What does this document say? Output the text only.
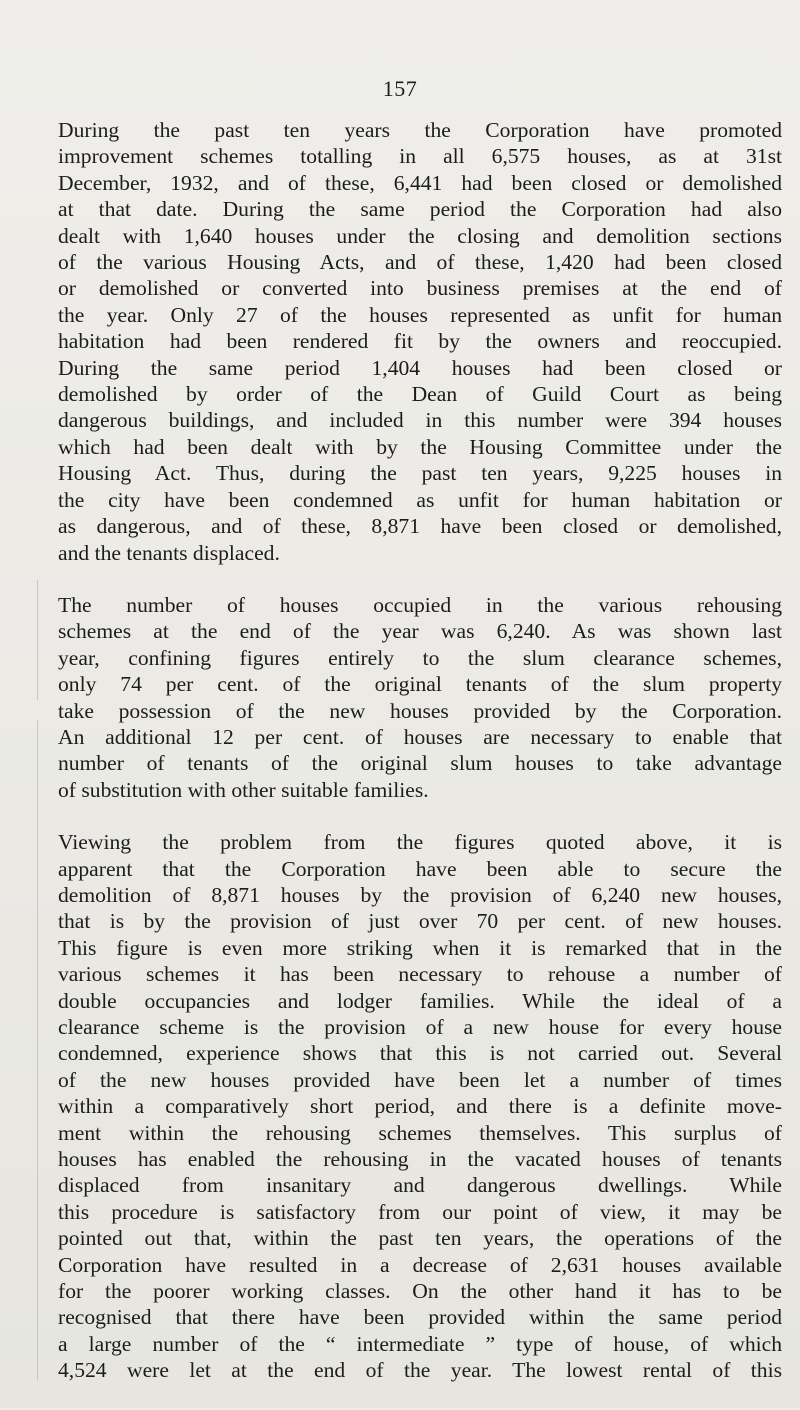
157
During the past ten years the Corporation have promoted
improvement schemes totalling in all 6,575 houses, as at 31st
December, 1932, and of these, 6,441 had been closed or demolished
at that date. During the same period the Corporation had also
dealt with 1,640 houses under the closing and demolition sections
of the various Housing Acts, and of these, 1,420 had been closed
or demolished or converted into business premises at the end of
the year. Only 27 of the houses represented as unfit for human
habitation had been rendered fit by the owners and reoccupied.
During the same period 1,404 houses had been closed or
demolished by order of the Dean of Guild Court as being
dangerous buildings, and included in this number were 394 houses
which had been dealt with by the Housing Committee under the
Housing Act. Thus, during the past ten years, 9,225 houses in
the city have been condemned as unfit for human habitation or
as dangerous, and of these, 8,871 have been closed or demolished,
and the tenants displaced.
The number of houses occupied in the various rehousing
schemes at the end of the year was 6,240. As was shown last
year, confining figures entirely to the slum clearance schemes,
only 74 per cent. of the original tenants of the slum property
take possession of the new houses provided by the Corporation.
An additional 12 per cent. of houses are necessary to enable that
number of tenants of the original slum houses to take advantage
of substitution with other suitable families.
Viewing the problem from the figures quoted above, it is
apparent that the Corporation have been able to secure the
demolition of 8,871 houses by the provision of 6,240 new houses,
that is by the provision of just over 70 per cent. of new houses.
This figure is even more striking when it is remarked that in the
various schemes it has been necessary to rehouse a number of
double occupancies and lodger families. While the ideal of a
clearance scheme is the provision of a new house for every house
condemned, experience shows that this is not carried out. Several
of the new houses provided have been let a number of times
within a comparatively short period, and there is a definite move-
ment within the rehousing schemes themselves. This surplus of
houses has enabled the rehousing in the vacated houses of tenants
displaced from insanitary and dangerous dwellings. While
this procedure is satisfactory from our point of view, it may be
pointed out that, within the past ten years, the operations of the
Corporation have resulted in a decrease of 2,631 houses available
for the poorer working classes. On the other hand it has to be
recognised that there have been provided within the same period
a large number of the “ intermediate ” type of house, of which
4,524 were let at the end of the year. The lowest rental of this
